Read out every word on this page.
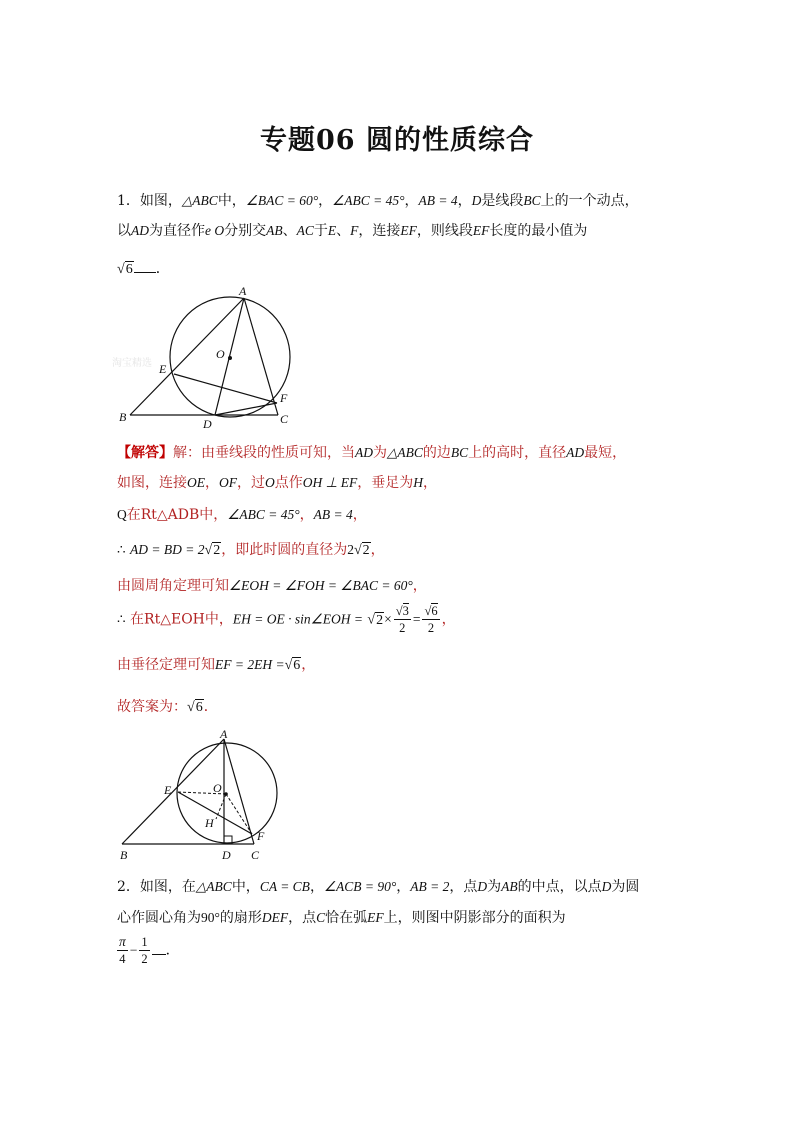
专题06 圆的性质综合
1．如图，△ABC中，∠BAC = 60°，∠ABC = 45°，AB = 4，D是线段BC上的一个动点，
以AD为直径作e O分别交AB、AC于E、F，连接EF，则线段EF长度的最小值为
√6 ．
淘宝精选
A
O
E
F
B	D	C
【解答】解：由垂线段的性质可知，当AD为△ABC的边BC上的高时，直径AD最短，
如图，连接OE，OF，过O点作OH ⊥ EF，垂足为H，
Q在Rt△ADB中，∠ABC = 45°，AB = 4，
∴ AD = BD = 2√2，即此时圆的直径为2√2，
由圆周角定理可知∠EOH = ∠FOH = ∠BAC = 60°，
∴ 在Rt△EOH中，EH = OE · sin∠EOH = $√2\times \frac{√3}{2} = \frac{√6}{2}$ ，
由垂径定理可知EF = 2EH =√6，
故答案为：√6．
A
E	O
H
F
B	D C
2．如图，在△ABC中，CA = CB，∠ACB = 90°，AB = 2，点D为AB的中点，以点D为圆
心作圆心角为90°的扇形DEF，点C恰在弧EF上，则图中阴影部分的面积为
$\frac{\pi}{4} - \frac{1}{2}$ ．
